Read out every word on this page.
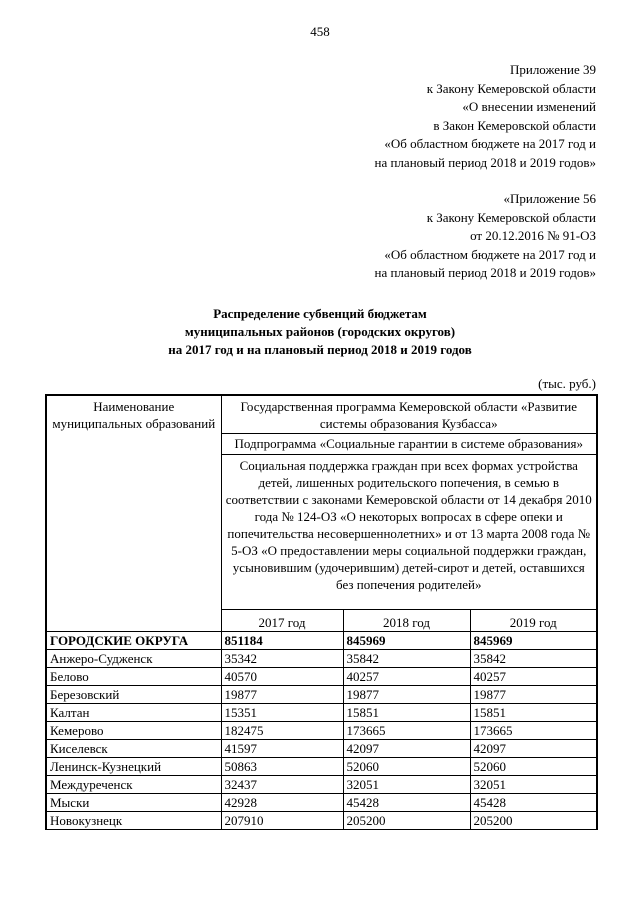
458
Приложение 39
к Закону Кемеровской области
«О внесении изменений
в Закон Кемеровской области
«Об областном бюджете на 2017 год и
на плановый период 2018 и 2019 годов»
«Приложение 56
к Закону Кемеровской области
от 20.12.2016 № 91-ОЗ
«Об областном бюджете на 2017 год и
на плановый период 2018 и 2019 годов»
Распределение субвенций бюджетам
муниципальных районов (городских округов)
на 2017 год и на плановый период 2018 и 2019 годов
(тыс. руб.)
Наименование муниципальных образований	Государственная программа Кемеровской области «Развитие системы образования Кузбасса»		
	Подпрограмма «Социальные гарантии в системе образования»		
	Социальная поддержка граждан при всех формах устройства детей, лишенных родительского попечения, в семью в соответствии с законами Кемеровской области от 14 декабря 2010 года № 124-ОЗ «О некоторых вопросах в сфере опеки и попечительства несовершеннолетних» и от 13 марта 2008 года № 5-ОЗ «О предоставлении меры социальной поддержки граждан, усыновившим (удочерившим) детей-сирот и детей, оставшихся без попечения родителей»		
	2017 год	2018 год	2019 год
ГОРОДСКИЕ ОКРУГА	851184	845969	845969
Анжеро-Судженск	35342	35842	35842
Белово	40570	40257	40257
Березовский	19877	19877	19877
Калтан	15351	15851	15851
Кемерово	182475	173665	173665
Киселевск	41597	42097	42097
Ленинск-Кузнецкий	50863	52060	52060
Междуреченск	32437	32051	32051
Мыски	42928	45428	45428
Новокузнецк	207910	205200	205200
